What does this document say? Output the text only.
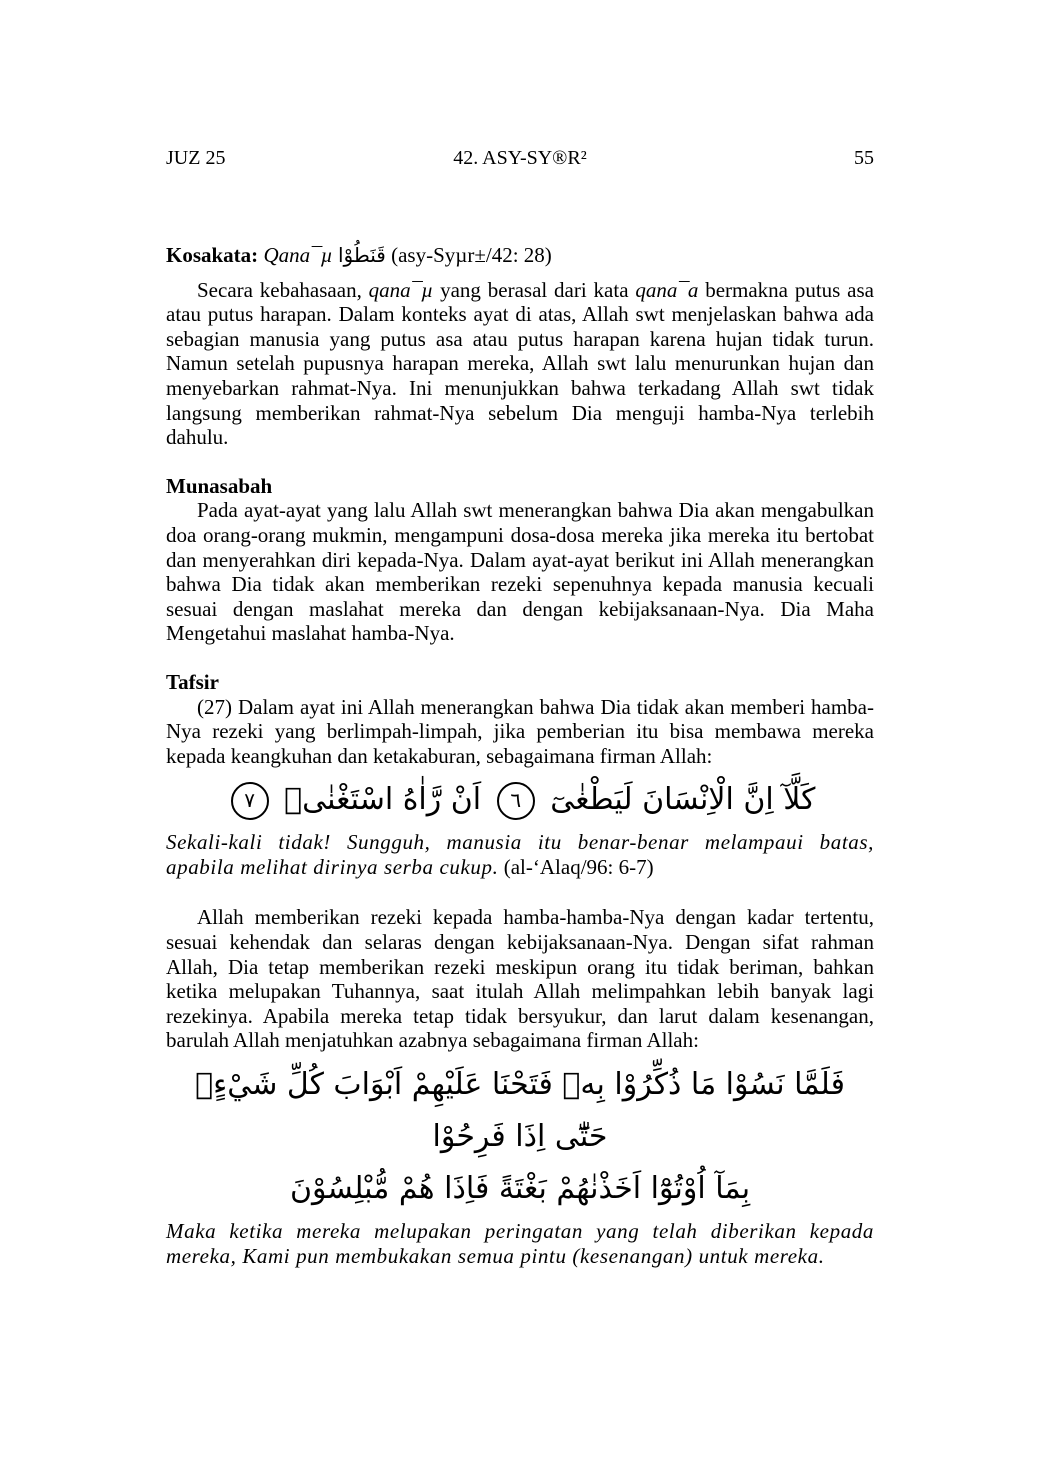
JUZ 25	42. ASY-SY®R²	55

Kosakata: Qana¯µ قَنَطُوْا (asy-Syµr±/42: 28)

Secara kebahasaan, qana¯µ yang berasal dari kata qana¯a bermakna putus asa atau putus harapan. Dalam konteks ayat di atas, Allah swt menjelaskan bahwa ada sebagian manusia yang putus asa atau putus harapan karena hujan tidak turun. Namun setelah pupusnya harapan mereka, Allah swt lalu menurunkan hujan dan menyebarkan rahmat-Nya. Ini menunjukkan bahwa terkadang Allah swt tidak langsung memberikan rahmat-Nya sebelum Dia menguji hamba-Nya terlebih dahulu.

Munasabah

Pada ayat-ayat yang lalu Allah swt menerangkan bahwa Dia akan mengabulkan doa orang-orang mukmin, mengampuni dosa-dosa mereka jika mereka itu bertobat dan menyerahkan diri kepada-Nya. Dalam ayat-ayat berikut ini Allah menerangkan bahwa Dia tidak akan memberikan rezeki sepenuhnya kepada manusia kecuali sesuai dengan maslahat mereka dan dengan kebijaksanaan-Nya. Dia Maha Mengetahui maslahat hamba-Nya.

Tafsir

(27) Dalam ayat ini Allah menerangkan bahwa Dia tidak akan memberi hamba-Nya rezeki yang berlimpah-limpah, jika pemberian itu bisa membawa mereka kepada keangkuhan dan ketakaburan, sebagaimana firman Allah:

كَلَّآ اِنَّ الْاِنْسَانَ لَيَطْغٰىٓ ٦ اَنْ رَّاٰهُ اسْتَغْنٰىۗ ٧

Sekali-kali tidak! Sungguh, manusia itu benar-benar melampaui batas, apabila melihat dirinya serba cukup. (al-‘Alaq/96: 6-7)

Allah memberikan rezeki kepada hamba-hamba-Nya dengan kadar tertentu, sesuai kehendak dan selaras dengan kebijaksanaan-Nya. Dengan sifat rahman Allah, Dia tetap memberikan rezeki meskipun orang itu tidak beriman, bahkan ketika melupakan Tuhannya, saat itulah Allah melimpahkan lebih banyak lagi rezekinya. Apabila mereka tetap tidak bersyukur, dan larut dalam kesenangan, barulah Allah menjatuhkan azabnya sebagaimana firman Allah:

فَلَمَّا نَسُوْا مَا ذُكِّرُوْا بِهٖ فَتَحْنَا عَلَيْهِمْ اَبْوَابَ كُلِّ شَيْءٍۗ حَتّٰٓى اِذَا فَرِحُوْا
بِمَآ اُوْتُوْٓا اَخَذْنٰهُمْ بَغْتَةً فَاِذَا هُمْ مُّبْلِسُوْنَ

Maka ketika mereka melupakan peringatan yang telah diberikan kepada mereka, Kami pun membukakan semua pintu (kesenangan) untuk mereka.
